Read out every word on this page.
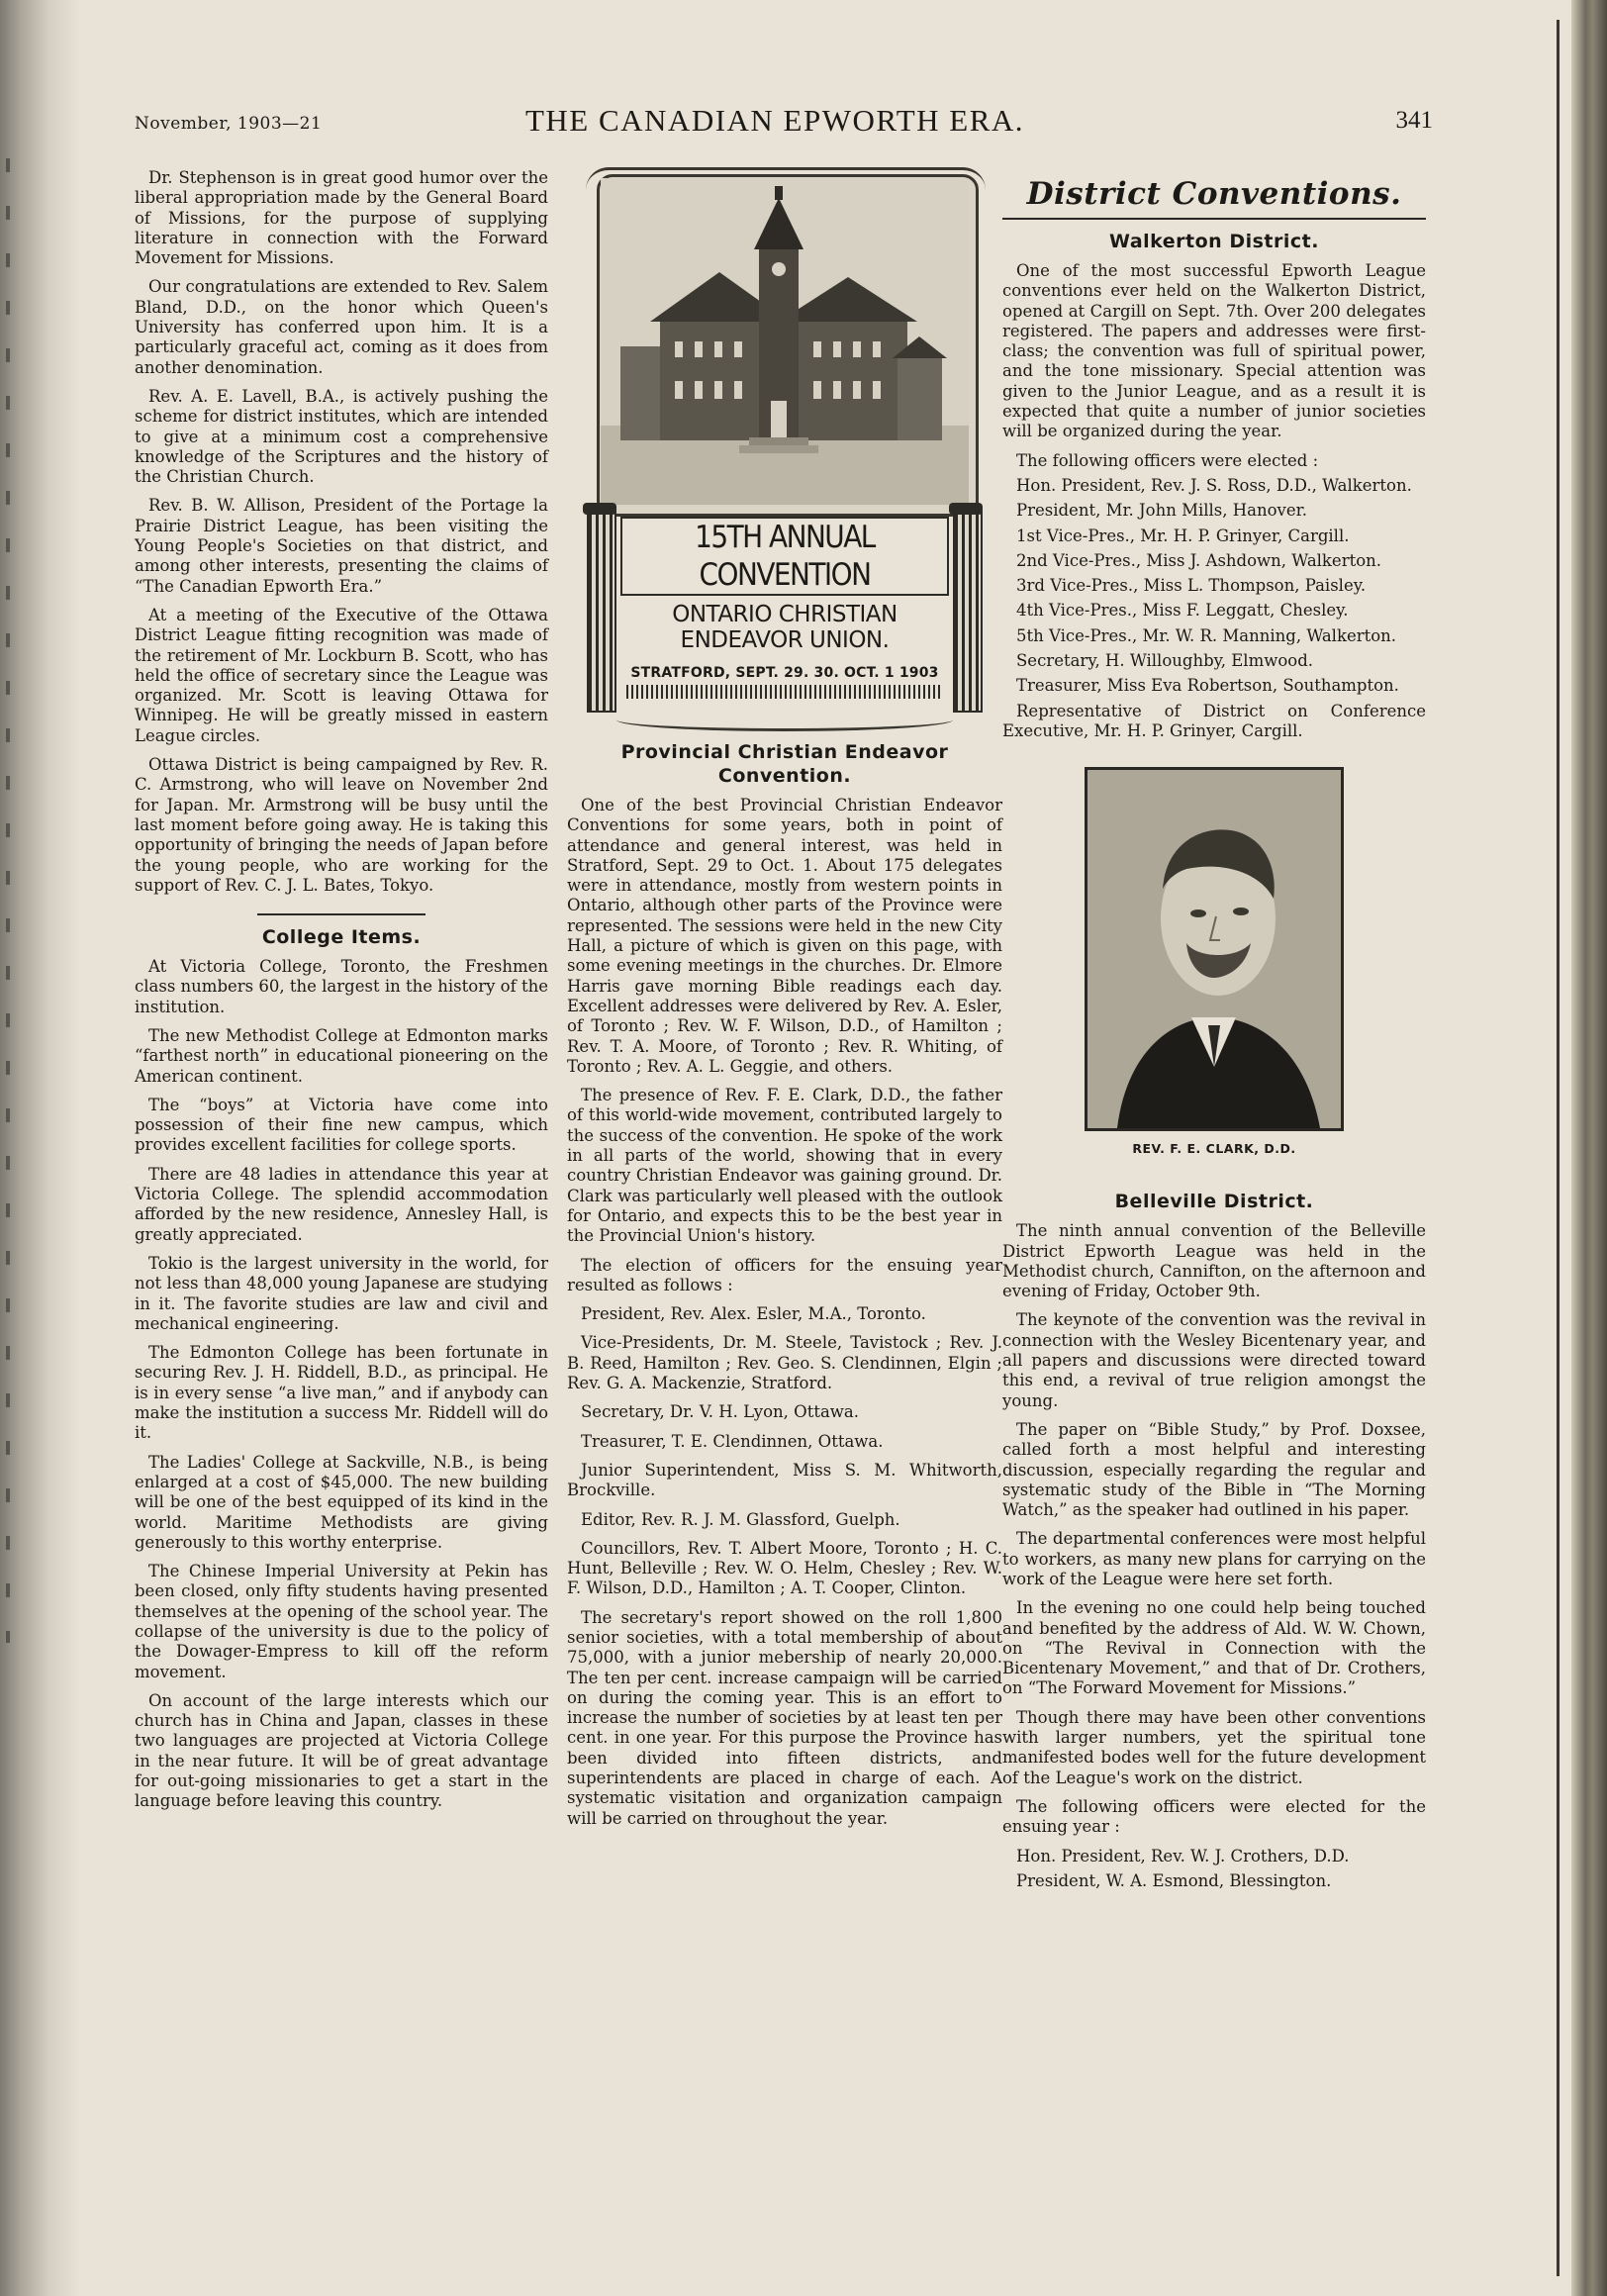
November, 1903—21	THE CANADIAN EPWORTH ERA.	341

Dr. Stephenson is in great good humor over the liberal appropriation made by the General Board of Missions, for the purpose of supplying literature in connection with the Forward Movement for Missions.

Our congratulations are extended to Rev. Salem Bland, D.D., on the honor which Queen's University has conferred upon him. It is a particularly graceful act, coming as it does from another denomination.

Rev. A. E. Lavell, B.A., is actively pushing the scheme for district institutes, which are intended to give at a minimum cost a comprehensive knowledge of the Scriptures and the history of the Christian Church.

Rev. B. W. Allison, President of the Portage la Prairie District League, has been visiting the Young People's Societies on that district, and among other interests, presenting the claims of “The Canadian Epworth Era.”

At a meeting of the Executive of the Ottawa District League fitting recognition was made of the retirement of Mr. Lockburn B. Scott, who has held the office of secretary since the League was organized. Mr. Scott is leaving Ottawa for Winnipeg. He will be greatly missed in eastern League circles.

Ottawa District is being campaigned by Rev. R. C. Armstrong, who will leave on November 2nd for Japan. Mr. Armstrong will be busy until the last moment before going away. He is taking this opportunity of bringing the needs of Japan before the young people, who are working for the support of Rev. C. J. L. Bates, Tokyo.

College Items.

At Victoria College, Toronto, the Freshmen class numbers 60, the largest in the history of the institution.

The new Methodist College at Edmonton marks “farthest north” in educational pioneering on the American continent.

The “boys” at Victoria have come into possession of their fine new campus, which provides excellent facilities for college sports.

There are 48 ladies in attendance this year at Victoria College. The splendid accommodation afforded by the new residence, Annesley Hall, is greatly appreciated.

Tokio is the largest university in the world, for not less than 48,000 young Japanese are studying in it. The favorite studies are law and civil and mechanical engineering.

The Edmonton College has been fortunate in securing Rev. J. H. Riddell, B.D., as principal. He is in every sense “a live man,” and if anybody can make the institution a success Mr. Riddell will do it.

The Ladies' College at Sackville, N.B., is being enlarged at a cost of $45,000. The new building will be one of the best equipped of its kind in the world. Maritime Methodists are giving generously to this worthy enterprise.

The Chinese Imperial University at Pekin has been closed, only fifty students having presented themselves at the opening of the school year. The collapse of the university is due to the policy of the Dowager-Empress to kill off the reform movement.

On account of the large interests which our church has in China and Japan, classes in these two languages are projected at Victoria College in the near future. It will be of great advantage for out-going missionaries to get a start in the language before leaving this country.

15TH ANNUAL CONVENTION
ONTARIO CHRISTIAN
ENDEAVOR UNION.
STRATFORD, SEPT. 29. 30. OCT. 1 1903
Provincial Christian Endeavor Convention.

One of the best Provincial Christian Endeavor Conventions for some years, both in point of attendance and general interest, was held in Stratford, Sept. 29 to Oct. 1. About 175 delegates were in attendance, mostly from western points in Ontario, although other parts of the Province were represented. The sessions were held in the new City Hall, a picture of which is given on this page, with some evening meetings in the churches. Dr. Elmore Harris gave morning Bible readings each day. Excellent addresses were delivered by Rev. A. Esler, of Toronto ; Rev. W. F. Wilson, D.D., of Hamilton ; Rev. T. A. Moore, of Toronto ; Rev. R. Whiting, of Toronto ; Rev. A. L. Geggie, and others.

The presence of Rev. F. E. Clark, D.D., the father of this world-wide movement, contributed largely to the success of the convention. He spoke of the work in all parts of the world, showing that in every country Christian Endeavor was gaining ground. Dr. Clark was particularly well pleased with the outlook for Ontario, and expects this to be the best year in the Provincial Union's history.

The election of officers for the ensuing year resulted as follows :

President, Rev. Alex. Esler, M.A., Toronto.

Vice-Presidents, Dr. M. Steele, Tavistock ; Rev. J. B. Reed, Hamilton ; Rev. Geo. S. Clendinnen, Elgin ; Rev. G. A. Mackenzie, Stratford.

Secretary, Dr. V. H. Lyon, Ottawa.

Treasurer, T. E. Clendinnen, Ottawa.

Junior Superintendent, Miss S. M. Whitworth, Brockville.

Editor, Rev. R. J. M. Glassford, Guelph.

Councillors, Rev. T. Albert Moore, Toronto ; H. C. Hunt, Belleville ; Rev. W. O. Helm, Chesley ; Rev. W. F. Wilson, D.D., Hamilton ; A. T. Cooper, Clinton.

The secretary's report showed on the roll 1,800 senior societies, with a total membership of about 75,000, with a junior mebership of nearly 20,000. The ten per cent. increase campaign will be carried on during the coming year. This is an effort to increase the number of societies by at least ten per cent. in one year. For this purpose the Province has been divided into fifteen districts, and superintendents are placed in charge of each. A systematic visitation and organization campaign will be carried on throughout the year.

District Conventions.
Walkerton District.

One of the most successful Epworth League conventions ever held on the Walkerton District, opened at Cargill on Sept. 7th. Over 200 delegates registered. The papers and addresses were first-class; the convention was full of spiritual power, and the tone missionary. Special attention was given to the Junior League, and as a result it is expected that quite a number of junior societies will be organized during the year.

The following officers were elected :

Hon. President, Rev. J. S. Ross, D.D., Walkerton.

President, Mr. John Mills, Hanover.

1st Vice-Pres., Mr. H. P. Grinyer, Cargill.

2nd Vice-Pres., Miss J. Ashdown, Walkerton.

3rd Vice-Pres., Miss L. Thompson, Paisley.

4th Vice-Pres., Miss F. Leggatt, Chesley.

5th Vice-Pres., Mr. W. R. Manning, Walkerton.

Secretary, H. Willoughby, Elmwood.

Treasurer, Miss Eva Robertson, Southampton.

Representative of District on Conference Executive, Mr. H. P. Grinyer, Cargill.

REV. F. E. CLARK, D.D.
Belleville District.

The ninth annual convention of the Belleville District Epworth League was held in the Methodist church, Cannifton, on the afternoon and evening of Friday, October 9th.

The keynote of the convention was the revival in connection with the Wesley Bicentenary year, and all papers and discussions were directed toward this end, a revival of true religion amongst the young.

The paper on “Bible Study,” by Prof. Doxsee, called forth a most helpful and interesting discussion, especially regarding the regular and systematic study of the Bible in “The Morning Watch,” as the speaker had outlined in his paper.

The departmental conferences were most helpful to workers, as many new plans for carrying on the work of the League were here set forth.

In the evening no one could help being touched and benefited by the address of Ald. W. W. Chown, on “The Revival in Connection with the Bicentenary Movement,” and that of Dr. Crothers, on “The Forward Movement for Missions.”

Though there may have been other conventions with larger numbers, yet the spiritual tone manifested bodes well for the future development of the League's work on the district.

The following officers were elected for the ensuing year :

Hon. President, Rev. W. J. Crothers, D.D.

President, W. A. Esmond, Blessington.
